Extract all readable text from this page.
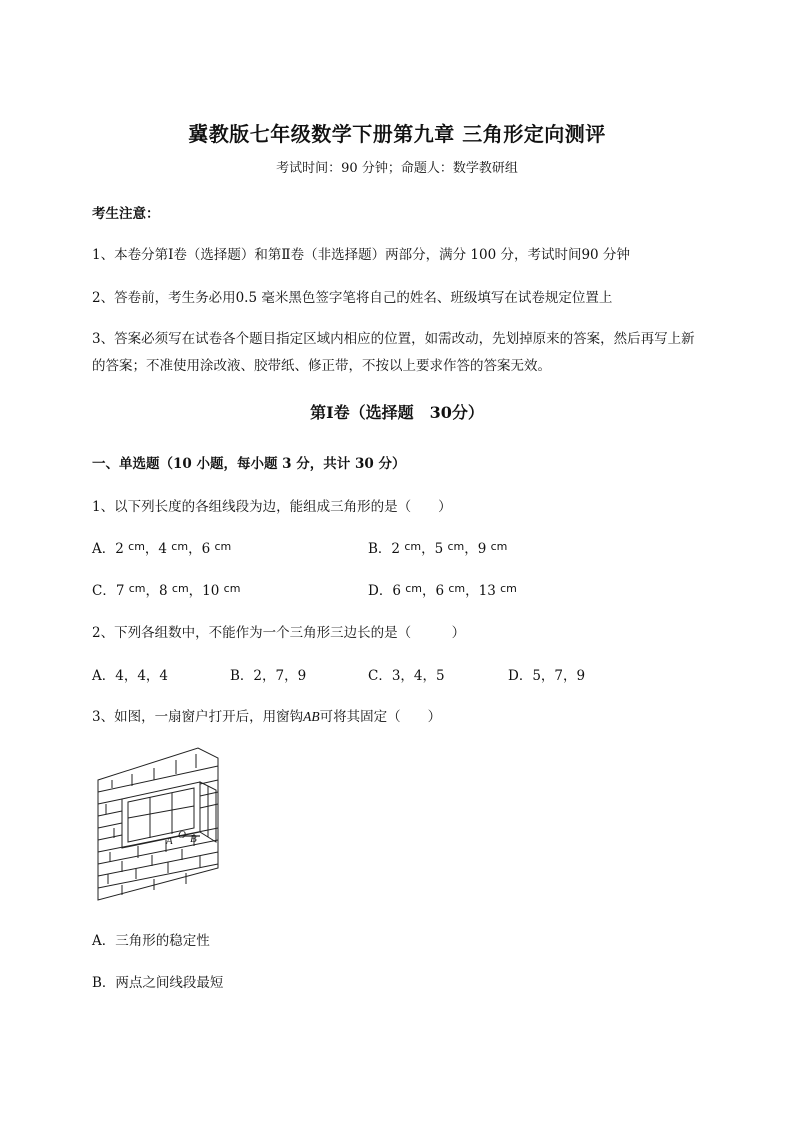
冀教版七年级数学下册第九章 三角形定向测评
考试时间：90 分钟；命题人：数学教研组
考生注意：
1、本卷分第Ⅰ卷（选择题）和第Ⅱ卷（非选择题）两部分，满分 100 分，考试时间90 分钟
2、答卷前，考生务必用0.5 毫米黑色签字笔将自己的姓名、班级填写在试卷规定位置上
3、答案必须写在试卷各个题目指定区域内相应的位置，如需改动，先划掉原来的答案，然后再写上新
的答案；不准使用涂改液、胶带纸、修正带，不按以上要求作答的答案无效。
第Ⅰ卷（选择题　30分）
一、单选题（10 小题，每小题 3 分，共计 30 分）
1、以下列长度的各组线段为边，能组成三角形的是（　　）
A．2 $^{cm}$，4 $^{cm}$，6 $^{cm}$	B．2 $^{cm}$，5 $^{cm}$，9 $^{cm}$
C．7 $^{cm}$，8 $^{cm}$，10 $^{cm}$	D．6 $^{cm}$，6 $^{cm}$，13 $^{cm}$
2、下列各组数中，不能作为一个三角形三边长的是（　　　）
A．4，4，4	B．2，7，9	C．3，4，5	D．5，7，9
3、如图，一扇窗户打开后，用窗钩AB可将其固定（　　）
A O B
A．三角形的稳定性
B．两点之间线段最短
